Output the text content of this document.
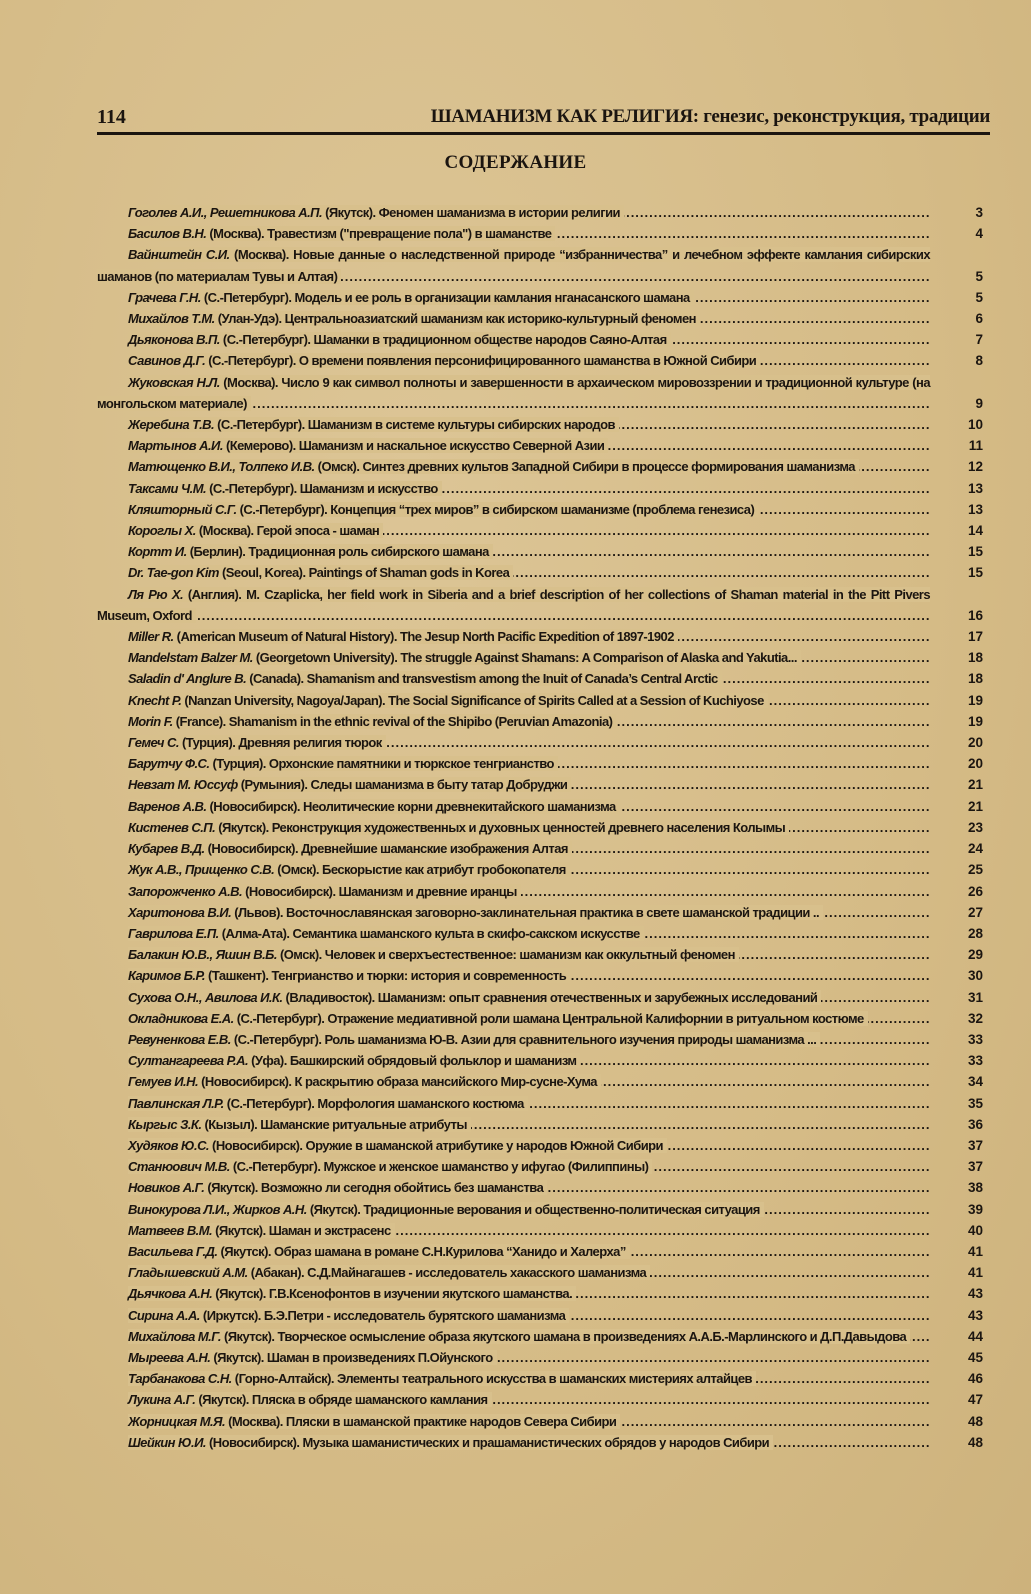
114	ШАМАНИЗМ КАК РЕЛИГИЯ: генезис, реконструкция, традиции
СОДЕРЖАНИЕ
Гоголев А.И., Решетникова А.П. (Якутск). Феномен шаманизма в истории религии	3
.....
Басилов В.Н. (Москва). Травестизм ("превращение пола") в шаманстве	4
.....
Вайнштейн С.И. (Москва). Новые данные о наследственной природе “избранничества” и лечебном эффекте камлания сибирских шаманов (по материалам Тувы и Алтая)	5
.....
Грачева Г.Н. (С.-Петербург). Модель и ее роль в организации камлания нганасанского шамана	5
.....
Михайлов Т.М. (Улан-Удэ). Центральноазиатский шаманизм как историко-культурный феномен	6
.....
Дьяконова В.П. (С.-Петербург). Шаманки в традиционном обществе народов Саяно-Алтая	7
.....
Савинов Д.Г. (С.-Петербург). О времени появления персонифицированного шаманства в Южной Сибири	8
.....
Жуковская Н.Л. (Москва). Число 9 как символ полноты и завершенности в архаическом мировоззрении и традиционной культуре (на монгольском материале)	9
.....
Жеребина Т.В. (С.-Петербург). Шаманизм в системе культуры сибирских народов	10
.....
Мартынов А.И. (Кемерово). Шаманизм и наскальное искусство Северной Азии	11
.....
Матющенко В.И., Толпеко И.В. (Омск). Синтез древних культов Западной Сибири в процессе формирования шаманизма	12
.....
Таксами Ч.М. (С.-Петербург). Шаманизм и искусство	13
.....
Кляшторный С.Г. (С.-Петербург). Концепция “трех миров” в сибирском шаманизме (проблема генезиса)	13
.....
Короглы Х. (Москва). Герой эпоса - шаман	14
.....
Кортт И. (Берлин). Традиционная роль сибирского шамана	15
.....
Dr. Tae-gon Kim (Seoul, Korea). Paintings of Shaman gods in Korea	15
.....
Ля Рю Х. (Англия). M. Czaplicka, her field work in Siberia and a brief description of her collections of Shaman material in the Pitt Pivers Museum, Oxford	16
.....
Miller R. (American Museum of Natural History). The Jesup North Pacific Expedition of 1897-1902	17
.....
Mandelstam Balzer M. (Georgetown University). The struggle Against Shamans: A Comparison of Alaska and Yakutia...	18
.....
Saladin d' Anglure B. (Canada). Shamanism and transvestism among the Inuit of Canada’s Central Arctic	18
.....
Knecht P. (Nanzan University, Nagoya/Japan). The Social Significance of Spirits Called at a Session of Kuchiyose	19
.....
Morin F. (France). Shamanism in the ethnic revival of the Shipibo (Peruvian Amazonia)	19
.....
Гемеч С. (Турция). Древняя религия тюрок	20
.....
Барутчу Ф.С. (Турция). Орхонские памятники и тюркское тенгрианство	20
.....
Невзат М. Юссуф (Румыния). Следы шаманизма в быту татар Добруджи	21
.....
Варенов А.В. (Новосибирск). Неолитические корни древнекитайского шаманизма	21
.....
Кистенев С.П. (Якутск). Реконструкция художественных и духовных ценностей древнего населения Колымы	23
.....
Кубарев В.Д. (Новосибирск). Древнейшие шаманские изображения Алтая	24
.....
Жук А.В., Прищенко С.В. (Омск). Бескорыстие как атрибут гробокопателя	25
.....
Запорожченко А.В. (Новосибирск). Шаманизм и древние иранцы	26
.....
Харитонова В.И. (Львов). Восточнославянская заговорно-заклинательная практика в свете шаманской традиции ..	27
.....
Гаврилова Е.П. (Алма-Ата). Семантика шаманского культа в скифо-сакском искусстве	28
.....
Балакин Ю.В., Яшин В.Б. (Омск). Человек и сверхъестественное: шаманизм как оккультный феномен	29
.....
Каримов Б.Р. (Ташкент). Тенгрианство и тюрки: история и современность	30
.....
Сухова О.Н., Авилова И.К. (Владивосток). Шаманизм: опыт сравнения отечественных и зарубежных исследований	31
.....
Окладникова Е.А. (С.-Петербург). Отражение медиативной роли шамана Центральной Калифорнии в ритуальном костюме	32
.....
Ревуненкова Е.В. (С.-Петербург). Роль шаманизма Ю-В. Азии для сравнительного изучения природы шаманизма ...	33
.....
Султангареева Р.А. (Уфа). Башкирский обрядовый фольклор и шаманизм	33
.....
Гемуев И.Н. (Новосибирск). К раскрытию образа мансийского Мир-сусне-Хума	34
.....
Павлинская Л.Р. (С.-Петербург). Морфология шаманского костюма	35
.....
Кыргыс З.К. (Кызыл). Шаманские ритуальные атрибуты	36
.....
Худяков Ю.С. (Новосибирск). Оружие в шаманской атрибутике у народов Южной Сибири	37
.....
Станюович М.В. (С.-Петербург). Мужское и женское шаманство у ифугао (Филиппины)	37
.....
Новиков А.Г. (Якутск). Возможно ли сегодня обойтись без шаманства	38
.....
Винокурова Л.И., Жирков А.Н. (Якутск). Традиционные верования и общественно-политическая ситуация	39
.....
Матвеев В.М. (Якутск). Шаман и экстрасенс	40
.....
Васильева Г.Д. (Якутск). Образ шамана в романе С.Н.Курилова “Ханидо и Халерха”	41
.....
Гладышевский А.М. (Абакан). С.Д.Майнагашев - исследователь хакасского шаманизма	41
.....
Дьячкова А.Н. (Якутск). Г.В.Ксенофонтов в изучении якутского шаманства.	43
.....
Сирина А.А. (Иркутск). Б.Э.Петри - исследователь бурятского шаманизма	43
.....
Михайлова М.Г. (Якутск). Творческое осмысление образа якутского шамана в произведениях А.А.Б.-Марлинского и Д.П.Давыдова	44
.....
Мыреева А.Н. (Якутск). Шаман в произведениях П.Ойунского	45
.....
Тарбанакова С.Н. (Горно-Алтайск). Элементы театрального искусства в шаманских мистериях алтайцев	46
.....
Лукина А.Г. (Якутск). Пляска в обряде шаманского камлания	47
.....
Жорницкая М.Я. (Москва). Пляски в шаманской практике народов Севера Сибири	48
.....
Шейкин Ю.И. (Новосибирск). Музыка шаманистических и прашаманистических обрядов у народов Сибири	48
.....
